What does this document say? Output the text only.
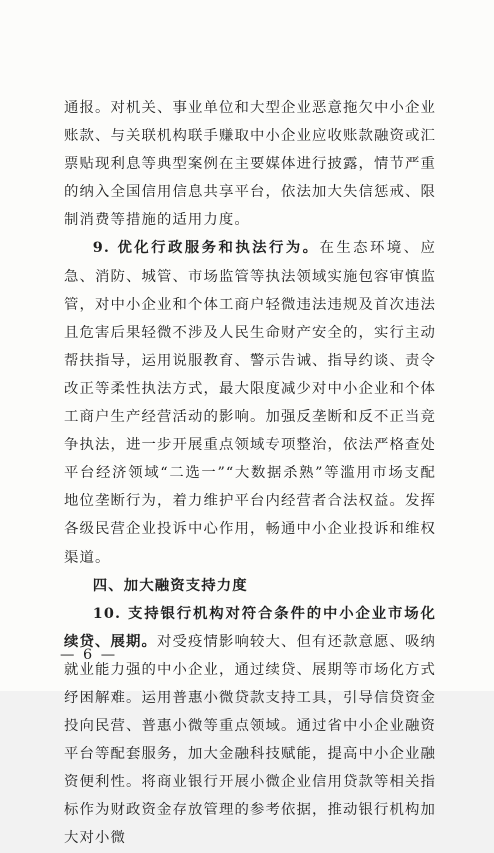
通报。对机关、事业单位和大型企业恶意拖欠中小企业账款、与关联机构联手赚取中小企业应收账款融资或汇票贴现利息等典型案例在主要媒体进行披露，情节严重的纳入全国信用信息共享平台，依法加大失信惩戒、限制消费等措施的适用力度。

9. 优化行政服务和执法行为。在生态环境、应急、消防、城管、市场监管等执法领域实施包容审慎监管，对中小企业和个体工商户轻微违法违规及首次违法且危害后果轻微不涉及人民生命财产安全的，实行主动帮扶指导，运用说服教育、警示告诫、指导约谈、责令改正等柔性执法方式，最大限度减少对中小企业和个体工商户生产经营活动的影响。加强反垄断和反不正当竞争执法，进一步开展重点领域专项整治，依法严格查处平台经济领域“二选一”“大数据杀熟”等滥用市场支配地位垄断行为，着力维护平台内经营者合法权益。发挥各级民营企业投诉中心作用，畅通中小企业投诉和维权渠道。

四、加大融资支持力度

10. 支持银行机构对符合条件的中小企业市场化续贷、展期。对受疫情影响较大、但有还款意愿、吸纳就业能力强的中小企业，通过续贷、展期等市场化方式纾困解难。运用普惠小微贷款支持工具，引导信贷资金投向民营、普惠小微等重点领域。通过省中小企业融资平台等配套服务，加大金融科技赋能，提高中小企业融资便利性。将商业银行开展小微企业信用贷款等相关指标作为财政资金存放管理的参考依据，推动银行机构加大对小微

— 6 —
